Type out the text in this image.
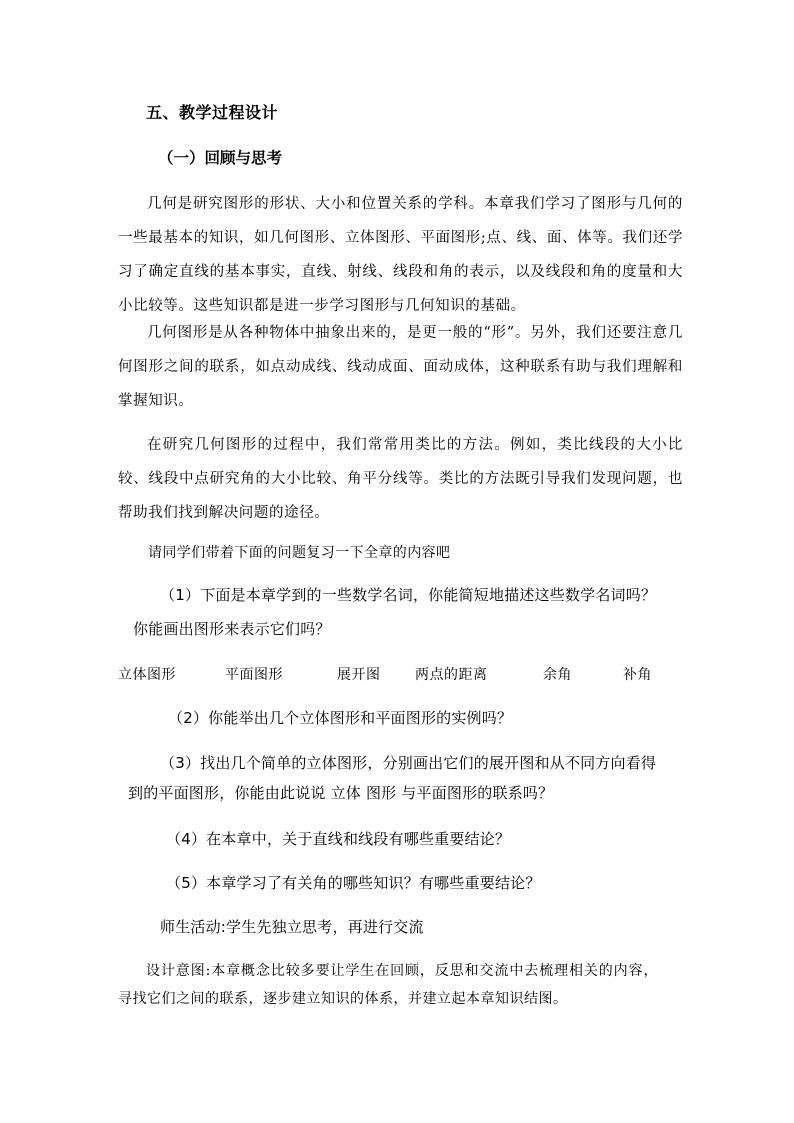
五、教学过程设计
（一）回顾与思考

几何是研究图形的形状、大小和位置关系的学科。本章我们学习了图形与几何的一些最基本的知识，如几何图形、立体图形、平面图形;点、线、面、体等。我们还学习了确定直线的基本事实，直线、射线、线段和角的表示，以及线段和角的度量和大小比较等。这些知识都是进一步学习图形与几何知识的基础。

几何图形是从各种物体中抽象出来的，是更一般的“形”。另外，我们还要注意几何图形之间的联系，如点动成线、线动成面、面动成体，这种联系有助与我们理解和掌握知识。

在研究几何图形的过程中，我们常常用类比的方法。例如，类比线段的大小比较、线段中点研究角的大小比较、角平分线等。类比的方法既引导我们发现问题，也帮助我们找到解决问题的途径。

请同学们带着下面的问题复习一下全章的内容吧

（1）下面是本章学到的一些数学名词，你能简短地描述这些数学名词吗？

你能画出图形来表示它们吗？

立体图形	平面图形	展开图 两点的距离	余角	补角

（2）你能举出几个立体图形和平面图形的实例吗？

（3）找出几个简单的立体图形，分别画出它们的展开图和从不同方向看得

到的平面图形，你能由此说说 立体 图形 与平面图形的联系吗？

（4）在本章中，关于直线和线段有哪些重要结论？

（5）本章学习了有关角的哪些知识？有哪些重要结论？

师生活动:学生先独立思考，再进行交流

设计意图:本章概念比较多要让学生在回顾，反思和交流中去梳理相关的内容，寻找它们之间的联系，逐步建立知识的体系，并建立起本章知识结图。
